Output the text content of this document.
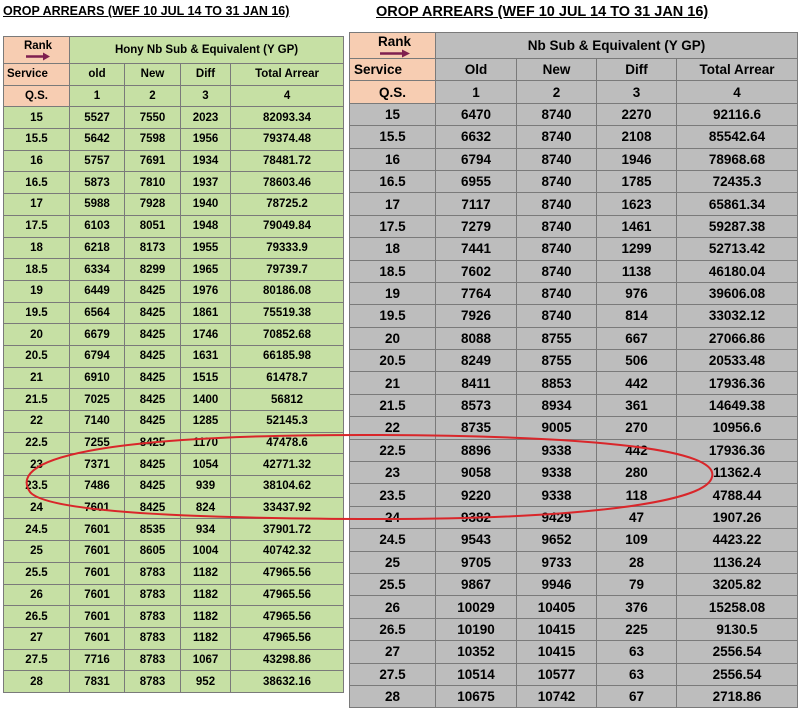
OROP ARREARS (WEF 10 JUL 14 TO 31 JAN 16)	OROP ARREARS (WEF 10 JUL 14 TO 31 JAN 16)
Rank	Hony Nb Sub & Equivalent (Y GP)			
Service	old	New	Diff	Total Arrear
Q.S.	1	2	3	4
15	5527	7550	2023	82093.34
15.5	5642	7598	1956	79374.48
16	5757	7691	1934	78481.72
16.5	5873	7810	1937	78603.46
17	5988	7928	1940	78725.2
17.5	6103	8051	1948	79049.84
18	6218	8173	1955	79333.9
18.5	6334	8299	1965	79739.7
19	6449	8425	1976	80186.08
19.5	6564	8425	1861	75519.38
20	6679	8425	1746	70852.68
20.5	6794	8425	1631	66185.98
21	6910	8425	1515	61478.7
21.5	7025	8425	1400	56812
22	7140	8425	1285	52145.3
22.5	7255	8425	1170	47478.6
23	7371	8425	1054	42771.32
23.5	7486	8425	939	38104.62
24	7601	8425	824	33437.92
24.5	7601	8535	934	37901.72
25	7601	8605	1004	40742.32
25.5	7601	8783	1182	47965.56
26	7601	8783	1182	47965.56
26.5	7601	8783	1182	47965.56
27	7601	8783	1182	47965.56
27.5	7716	8783	1067	43298.86
28	7831	8783	952	38632.16
Rank	Nb Sub & Equivalent (Y GP)			
Service	Old	New	Diff	Total Arrear
Q.S.	1	2	3	4
15	6470	8740	2270	92116.6
15.5	6632	8740	2108	85542.64
16	6794	8740	1946	78968.68
16.5	6955	8740	1785	72435.3
17	7117	8740	1623	65861.34
17.5	7279	8740	1461	59287.38
18	7441	8740	1299	52713.42
18.5	7602	8740	1138	46180.04
19	7764	8740	976	39606.08
19.5	7926	8740	814	33032.12
20	8088	8755	667	27066.86
20.5	8249	8755	506	20533.48
21	8411	8853	442	17936.36
21.5	8573	8934	361	14649.38
22	8735	9005	270	10956.6
22.5	8896	9338	442	17936.36
23	9058	9338	280	11362.4
23.5	9220	9338	118	4788.44
24	9382	9429	47	1907.26
24.5	9543	9652	109	4423.22
25	9705	9733	28	1136.24
25.5	9867	9946	79	3205.82
26	10029	10405	376	15258.08
26.5	10190	10415	225	9130.5
27	10352	10415	63	2556.54
27.5	10514	10577	63	2556.54
28	10675	10742	67	2718.86
